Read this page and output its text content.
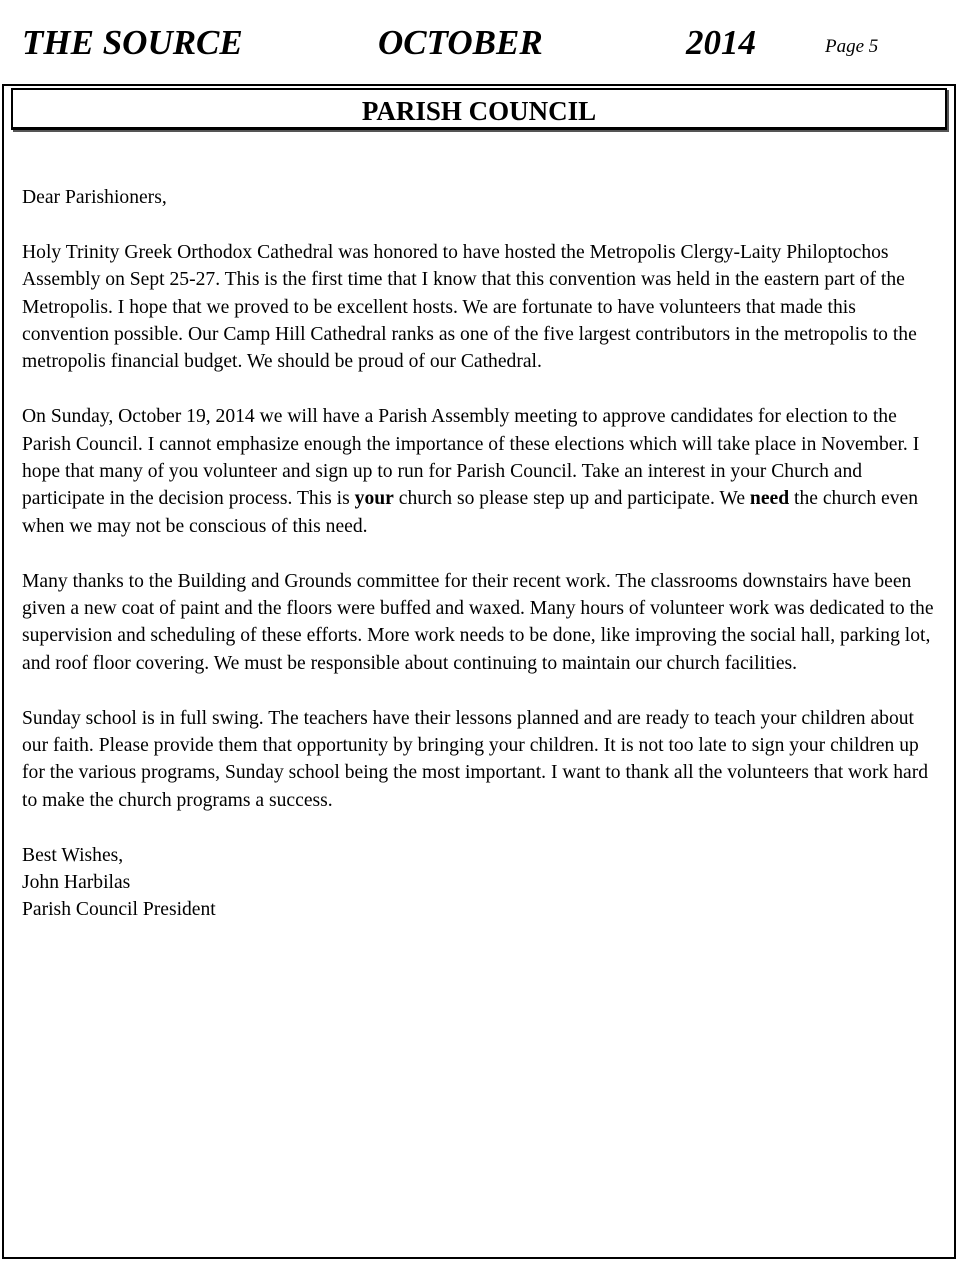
THE SOURCE	OCTOBER	2014	Page 5
PARISH COUNCIL

Dear Parishioners,

Holy Trinity Greek Orthodox Cathedral was honored to have hosted the Metropolis Clergy-Laity Philoptochos Assembly on Sept 25-27. This is the first time that I know that this convention was held in the eastern part of the Metropolis. I hope that we proved to be excellent hosts. We are fortunate to have volunteers that made this convention possible. Our Camp Hill Cathedral ranks as one of the five largest contributors in the metropolis to the metropolis financial budget. We should be proud of our Cathedral.

On Sunday, October 19, 2014 we will have a Parish Assembly meeting to approve candidates for election to the Parish Council. I cannot emphasize enough the importance of these elections which will take place in November. I hope that many of you volunteer and sign up to run for Parish Council. Take an interest in your Church and participate in the decision process. This is your church so please step up and participate. We need the church even when we may not be conscious of this need.

Many thanks to the Building and Grounds committee for their recent work. The classrooms downstairs have been given a new coat of paint and the floors were buffed and waxed. Many hours of volunteer work was dedicated to the supervision and scheduling of these efforts. More work needs to be done, like improving the social hall, parking lot, and roof floor covering. We must be responsible about continuing to maintain our church facilities.

Sunday school is in full swing. The teachers have their lessons planned and are ready to teach your children about our faith. Please provide them that opportunity by bringing your children. It is not too late to sign your children up for the various programs, Sunday school being the most important. I want to thank all the volunteers that work hard to make the church programs a success.

Best Wishes,
John Harbilas
Parish Council President
